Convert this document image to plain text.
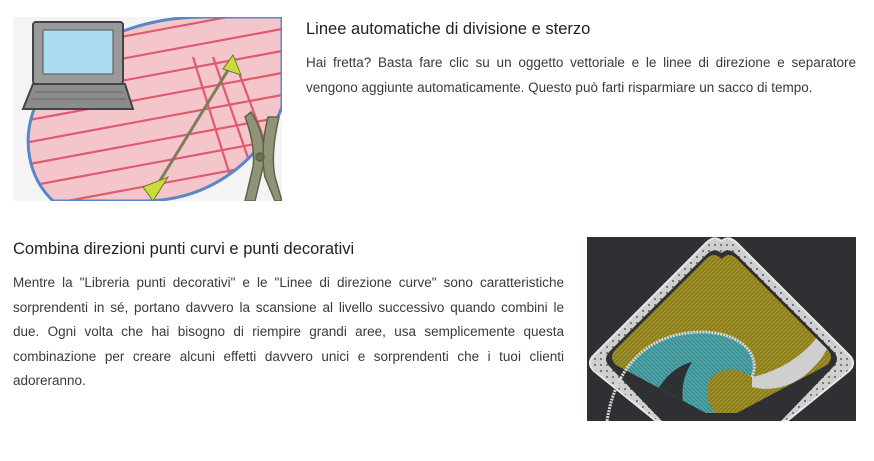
Linee automatiche di divisione e sterzo

Hai fretta? Basta fare clic su un oggetto vettoriale e le linee di direzione e separatore vengono aggiunte automaticamente. Questo può farti risparmiare un sacco di tempo.

Combina direzioni punti curvi e punti decorativi

Mentre la "Libreria punti decorativi" e le "Linee di direzione curve" sono caratteristiche sorprendenti in sé, portano davvero la scansione al livello successivo quando combini le due. Ogni volta che hai bisogno di riempire grandi aree, usa semplicemente questa combinazione per creare alcuni effetti davvero unici e sorprendenti che i tuoi clienti adoreranno.
